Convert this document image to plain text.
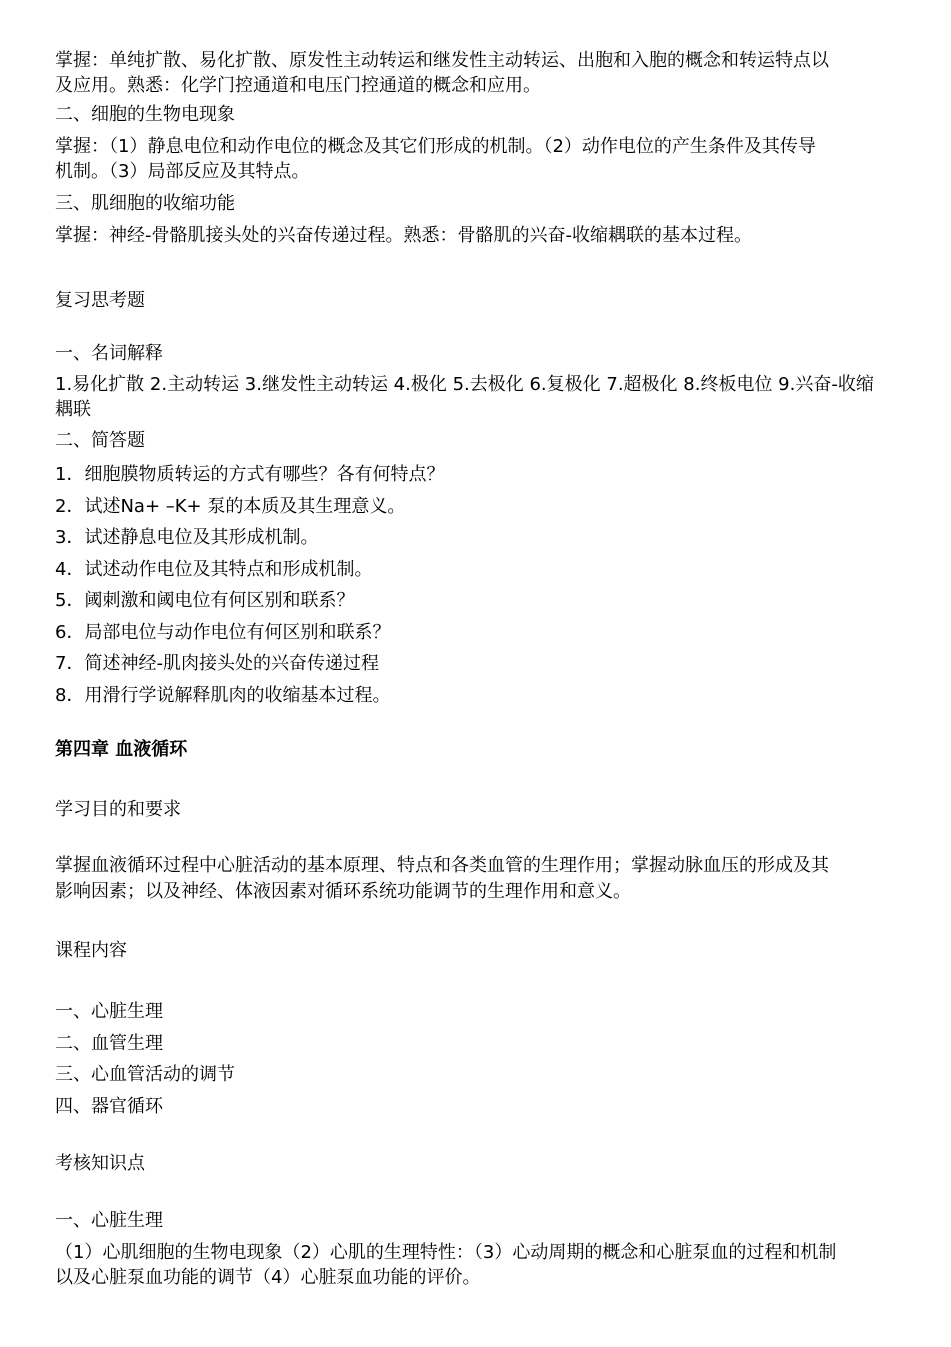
掌握：单纯扩散、易化扩散、原发性主动转运和继发性主动转运、出胞和入胞的概念和转运特点以
及应用。熟悉：化学门控通道和电压门控通道的概念和应用。
二、细胞的生物电现象
掌握：（1）静息电位和动作电位的概念及其它们形成的机制。（2）动作电位的产生条件及其传导
机制。（3）局部反应及其特点。
三、肌细胞的收缩功能
掌握：神经-骨骼肌接头处的兴奋传递过程。熟悉：骨骼肌的兴奋-收缩耦联的基本过程。
复习思考题
一、名词解释
1.易化扩散 2.主动转运 3.继发性主动转运 4.极化 5.去极化 6.复极化 7.超极化 8.终板电位 9.兴奋-收缩
耦联
二、简答题
1．细胞膜物质转运的方式有哪些？各有何特点？
2．试述Na+ –K+ 泵的本质及其生理意义。
3．试述静息电位及其形成机制。
4．试述动作电位及其特点和形成机制。
5．阈刺激和阈电位有何区别和联系？
6．局部电位与动作电位有何区别和联系？
7．简述神经-肌肉接头处的兴奋传递过程
8．用滑行学说解释肌肉的收缩基本过程。
第四章 血液循环
学习目的和要求
掌握血液循环过程中心脏活动的基本原理、特点和各类血管的生理作用；掌握动脉血压的形成及其
影响因素；以及神经、体液因素对循环系统功能调节的生理作用和意义。
课程内容
一、心脏生理
二、血管生理
三、心血管活动的调节
四、器官循环
考核知识点
一、心脏生理
（1）心肌细胞的生物电现象（2）心肌的生理特性：（3）心动周期的概念和心脏泵血的过程和机制
以及心脏泵血功能的调节（4）心脏泵血功能的评价。
